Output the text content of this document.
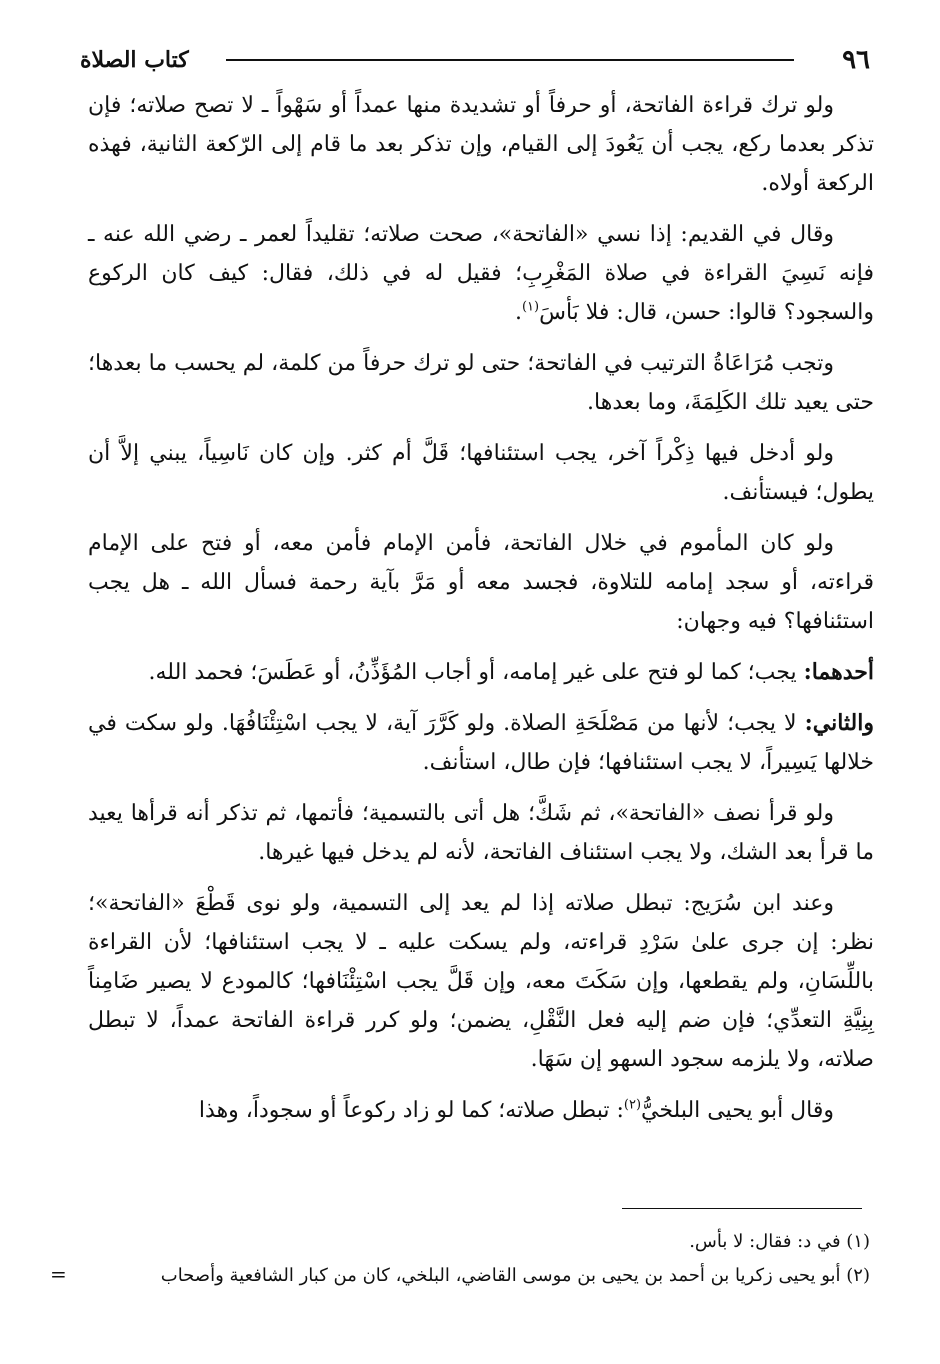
٩٦
كتاب الصلاة

ولو ترك قراءة الفاتحة، أو حرفاً أو تشديدة منها عمداً أو سَهْواً ـ لا تصح صلاته؛ فإن تذكر بعدما ركع، يجب أن يَعُودَ إلى القيام، وإن تذكر بعد ما قام إلى الرّكعة الثانية، فهذه الركعة أولاه.

وقال في القديم: إذا نسي «الفاتحة»، صحت صلاته؛ تقليداً لعمر ـ رضي الله عنه ـ فإنه نَسِيَ القراءة في صلاة المَغْرِبِ؛ فقيل له في ذلك، فقال: كيف كان الركوع والسجود؟ قالوا: حسن، قال: فلا بَأسَ$^{(١)}$.

وتجب مُرَاعَاةُ الترتيب في الفاتحة؛ حتى لو ترك حرفاً من كلمة، لم يحسب ما بعدها؛ حتى يعيد تلك الكَلِمَةَ، وما بعدها.

ولو أدخل فيها ذِكْراً آخر، يجب استئنافها؛ قَلَّ أم كثر. وإن كان نَاسِياً، يبني إلاَّ أن يطول؛ فيستأنف.

ولو كان المأموم في خلال الفاتحة، فأمن الإمام فأمن معه، أو فتح على الإمام قراءته، أو سجد إمامه للتلاوة، فجسد معه أو مَرَّ بآية رحمة فسأل الله ـ هل يجب استئنافها؟ فيه وجهان:

أحدهما: يجب؛ كما لو فتح على غير إمامه، أو أجاب المُؤَذِّنُ، أو عَطَسَ؛ فحمد الله.

والثاني: لا يجب؛ لأنها من مَصْلَحَةِ الصلاة. ولو كَرَّرَ آية، لا يجب اسْتِئْنَافُهَا. ولو سكت في خلالها يَسِيراً، لا يجب استئنافها؛ فإن طال، استأنف.

ولو قرأ نصف «الفاتحة»، ثم شَكَّ؛ هل أتى بالتسمية؛ فأتمها، ثم تذكر أنه قرأها يعيد ما قرأ بعد الشك، ولا يجب استئناف الفاتحة، لأنه لم يدخل فيها غيرها.

وعند ابن سُرَيج: تبطل صلاته إذا لم يعد إلى التسمية، ولو نوى قَطْعَ «الفاتحة»؛ نظر: إن جرى علىٰ سَرْدِ قراءته، ولم يسكت عليه ـ لا يجب استئنافها؛ لأن القراءة باللِّسَانِ، ولم يقطعها، وإن سَكَتَ معه، وإن قَلَّ يجب اسْتِئْنَافها؛ كالمودع لا يصير ضَامِناً بِنِيَّةِ التعدِّي؛ فإن ضم إليه فعل النَّقْلِ، يضمن؛ ولو كرر قراءة الفاتحة عمداً، لا تبطل صلاته، ولا يلزمه سجود السهو إن سَهَا.

وقال أبو يحيى البلخيُّ$^{(٢)}$: تبطل صلاته؛ كما لو زاد ركوعاً أو سجوداً، وهذا

(١) في د: فقال: لا بأس.
(٢) أبو يحيى زكريا بن أحمد بن يحيى بن موسى القاضي، البلخي، كان من كبار الشافعية وأصحاب
=
